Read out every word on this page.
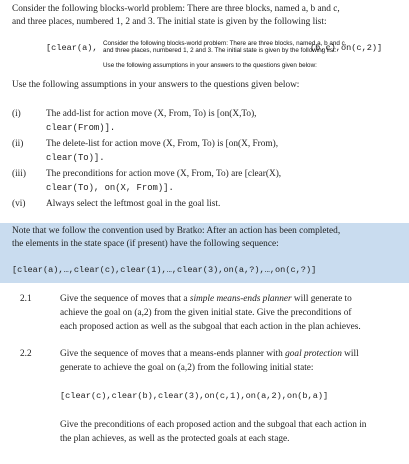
Consider the following blocks-world problem: There are three blocks, named a, b and c,
and three places, numbered 1, 2 and 3. The initial state is given by the following list:
[clear(a),	(b,c),on(c,2)]
Consider the following blocks-world problem: There are three blocks, named a, b and c,
and three places, numbered 1, 2 and 3. The initial state is given by the following list:
Use the following assumptions in your answers to the questions given below:
Use the following assumptions in your answers to the questions given below:
(i)	The add-list for action move (X, From, To) is [on(X,To),
clear(From)].
(ii) The delete-list for action move (X, From, To) is [on(X, From),
clear(To)].
(iii) The preconditions for action move (X, From, To) are [clear(X),
clear(To), on(X, From)].
(vi) Always select the leftmost goal in the goal list.
Note that we follow the convention used by Bratko: After an action has been completed,
the elements in the state space (if present) have the following sequence:
[clear(a),…,clear(c),clear(1),…,clear(3),on(a,?),…,on(c,?)]
2.1	Give the sequence of moves that a simple means-ends planner will generate to
achieve the goal on (a,2) from the given initial state. Give the preconditions of
each proposed action as well as the subgoal that each action in the plan achieves.
2.2	Give the sequence of moves that a means-ends planner with goal protection will
generate to achieve the goal on (a,2) from the following initial state:
[clear(c),clear(b),clear(3),on(c,1),on(a,2),on(b,a)]
Give the preconditions of each proposed action and the subgoal that each action in
the plan achieves, as well as the protected goals at each stage.
